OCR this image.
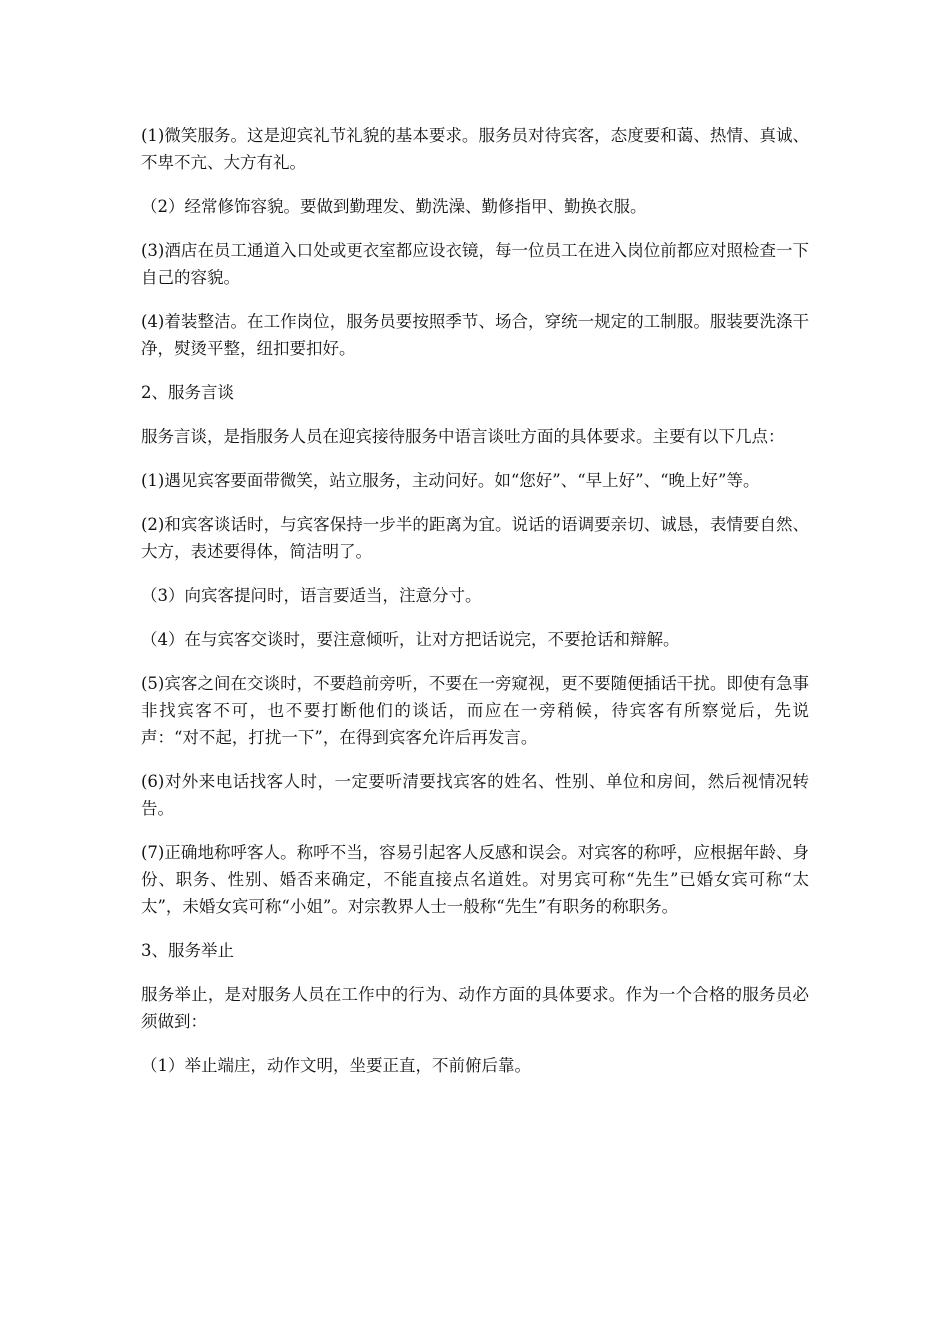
(1)微笑服务。这是迎宾礼节礼貌的基本要求。服务员对待宾客，态度要和蔼、热情、真诚、不卑不亢、大方有礼。

（2）经常修饰容貌。要做到勤理发、勤洗澡、勤修指甲、勤换衣服。

(3)酒店在员工通道入口处或更衣室都应设衣镜，每一位员工在进入岗位前都应对照检查一下自己的容貌。

(4)着装整洁。在工作岗位，服务员要按照季节、场合，穿统一规定的工制服。服装要洗涤干净，熨烫平整，纽扣要扣好。

2、服务言谈

服务言谈，是指服务人员在迎宾接待服务中语言谈吐方面的具体要求。主要有以下几点：

(1)遇见宾客要面带微笑，站立服务，主动问好。如“您好”、“早上好”、“晚上好”等。

(2)和宾客谈话时，与宾客保持一步半的距离为宜。说话的语调要亲切、诚恳，表情要自然、大方，表述要得体，简洁明了。

（3）向宾客提问时，语言要适当，注意分寸。

（4）在与宾客交谈时，要注意倾听，让对方把话说完，不要抢话和辩解。

(5)宾客之间在交谈时，不要趋前旁听，不要在一旁窥视，更不要随便插话干扰。即使有急事非找宾客不可，也不要打断他们的谈话，而应在一旁稍候，待宾客有所察觉后，先说声：“对不起，打扰一下”，在得到宾客允许后再发言。

(6)对外来电话找客人时，一定要听清要找宾客的姓名、性别、单位和房间，然后视情况转告。

(7)正确地称呼客人。称呼不当，容易引起客人反感和误会。对宾客的称呼，应根据年龄、身份、职务、性别、婚否来确定，不能直接点名道姓。对男宾可称“先生”已婚女宾可称“太太”，未婚女宾可称“小姐”。对宗教界人士一般称“先生”有职务的称职务。

3、服务举止

服务举止，是对服务人员在工作中的行为、动作方面的具体要求。作为一个合格的服务员必须做到：

（1）举止端庄，动作文明，坐要正直，不前俯后靠。
